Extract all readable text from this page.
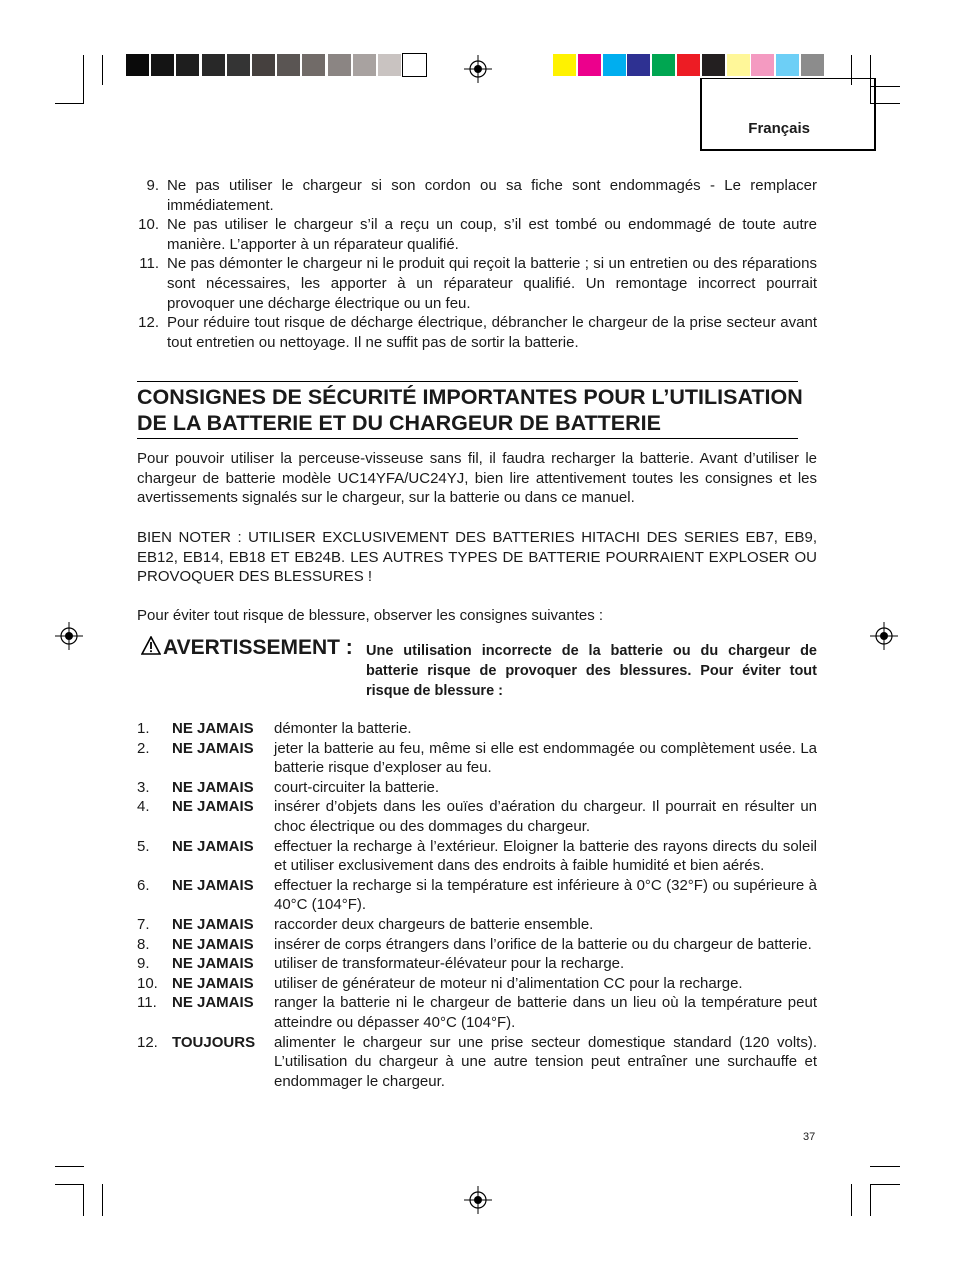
Français
9. Ne pas utiliser le chargeur si son cordon ou sa fiche sont endommagés - Le remplacer immédiatement.
10. Ne pas utiliser le chargeur s’il a reçu un coup, s’il est tombé ou endommagé de toute autre manière. L’apporter à un réparateur qualifié.
11. Ne pas démonter le chargeur ni le produit qui reçoit la batterie ; si un entretien ou des réparations sont nécessaires, les apporter à un réparateur qualifié. Un remontage incorrect pourrait provoquer une décharge électrique ou un feu.
12. Pour réduire tout risque de décharge électrique, débrancher le chargeur de la prise secteur avant tout entretien ou nettoyage. Il ne suffit pas de sortir la batterie.
CONSIGNES DE SÉCURITÉ IMPORTANTES POUR L’UTILISATION DE LA BATTERIE ET DU CHARGEUR DE BATTERIE
Pour pouvoir utiliser la perceuse-visseuse sans fil, il faudra recharger la batterie. Avant d’utiliser le chargeur de batterie modèle UC14YFA/UC24YJ, bien lire attentivement toutes les consignes et les avertissements signalés sur le chargeur, sur la batterie ou dans ce manuel.
BIEN NOTER : UTILISER EXCLUSIVEMENT DES BATTERIES HITACHI DES SERIES EB7, EB9, EB12, EB14, EB18 ET EB24B. LES AUTRES TYPES DE BATTERIE POURRAIENT EXPLOSER OU PROVOQUER DES BLESSURES !
Pour éviter tout risque de blessure, observer les consignes suivantes :
AVERTISSEMENT : Une utilisation incorrecte de la batterie ou du chargeur de batterie risque de provoquer des blessures. Pour éviter tout risque de blessure :
1. NE JAMAIS démonter la batterie.
2. NE JAMAIS jeter la batterie au feu, même si elle est endommagée ou complètement usée. La batterie risque d’exploser au feu.
3. NE JAMAIS court-circuiter la batterie.
4. NE JAMAIS insérer d’objets dans les ouïes d’aération du chargeur. Il pourrait en résulter un choc électrique ou des dommages du chargeur.
5. NE JAMAIS effectuer la recharge à l’extérieur. Eloigner la batterie des rayons directs du soleil et utiliser exclusivement dans des endroits à faible humidité et bien aérés.
6. NE JAMAIS effectuer la recharge si la température est inférieure à 0°C (32°F) ou supérieure à 40°C (104°F).
7. NE JAMAIS raccorder deux chargeurs de batterie ensemble.
8. NE JAMAIS insérer de corps étrangers dans l’orifice de la batterie ou du chargeur de batterie.
9. NE JAMAIS utiliser de transformateur-élévateur pour la recharge.
10. NE JAMAIS utiliser de générateur de moteur ni d’alimentation CC pour la recharge.
11. NE JAMAIS ranger la batterie ni le chargeur de batterie dans un lieu où la température peut atteindre ou dépasser 40°C (104°F).
12. TOUJOURS alimenter le chargeur sur une prise secteur domestique standard (120 volts). L’utilisation du chargeur à une autre tension peut entraîner une surchauffe et endommager le chargeur.
37
